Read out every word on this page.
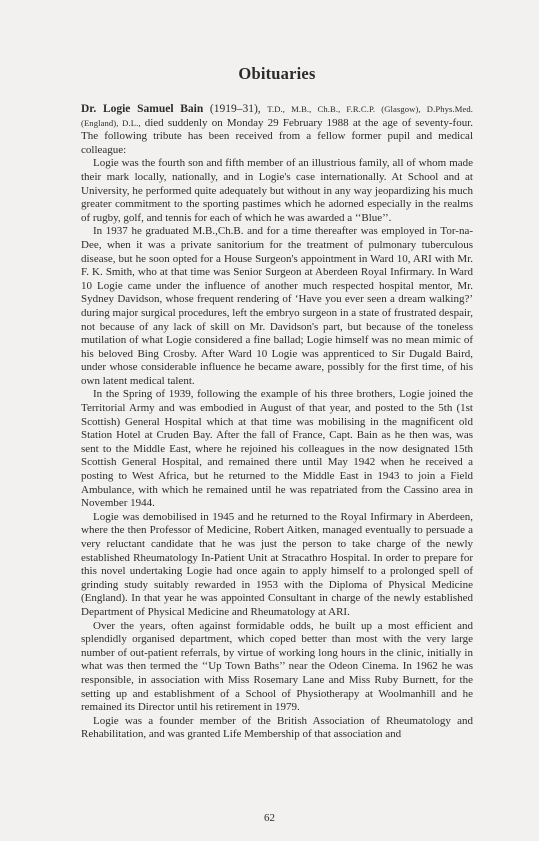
Obituaries

Dr. Logie Samuel Bain (1919–31), T.D., M.B., Ch.B., F.R.C.P. (Glasgow), D.Phys.Med. (England), D.L., died suddenly on Monday 29 February 1988 at the age of seventy-four. The following tribute has been received from a fellow former pupil and medical colleague:

Logie was the fourth son and fifth member of an illustrious family, all of whom made their mark locally, nationally, and in Logie's case internationally. At School and at University, he performed quite adequately but without in any way jeopardizing his much greater commitment to the sporting pastimes which he adorned especially in the realms of rugby, golf, and tennis for each of which he was awarded a ‘‘Blue’’.

In 1937 he graduated M.B.,Ch.B. and for a time thereafter was employed in Tor-na-Dee, when it was a private sanitorium for the treatment of pulmonary tuberculous disease, but he soon opted for a House Surgeon's appointment in Ward 10, ARI with Mr. F. K. Smith, who at that time was Senior Surgeon at Aberdeen Royal Infirmary. In Ward 10 Logie came under the influence of another much respected hospital mentor, Mr. Sydney Davidson, whose frequent rendering of ‘Have you ever seen a dream walking?’ during major surgical procedures, left the embryo surgeon in a state of frustrated despair, not because of any lack of skill on Mr. Davidson's part, but because of the toneless mutilation of what Logie considered a fine ballad; Logie himself was no mean mimic of his beloved Bing Crosby. After Ward 10 Logie was apprenticed to Sir Dugald Baird, under whose considerable influence he became aware, possibly for the first time, of his own latent medical talent.

In the Spring of 1939, following the example of his three brothers, Logie joined the Territorial Army and was embodied in August of that year, and posted to the 5th (1st Scottish) General Hospital which at that time was mobilising in the magnificent old Station Hotel at Cruden Bay. After the fall of France, Capt. Bain as he then was, was sent to the Middle East, where he rejoined his colleagues in the now designated 15th Scottish General Hospital, and remained there until May 1942 when he received a posting to West Africa, but he returned to the Middle East in 1943 to join a Field Ambulance, with which he remained until he was repatriated from the Cassino area in November 1944.

Logie was demobilised in 1945 and he returned to the Royal Infirmary in Aberdeen, where the then Professor of Medicine, Robert Aitken, managed eventually to persuade a very reluctant candidate that he was just the person to take charge of the newly established Rheumatology In-Patient Unit at Stracathro Hospital. In order to prepare for this novel undertaking Logie had once again to apply himself to a prolonged spell of grinding study suitably rewarded in 1953 with the Diploma of Physical Medicine (England). In that year he was appointed Consultant in charge of the newly established Department of Physical Medicine and Rheumatology at ARI.

Over the years, often against formidable odds, he built up a most efficient and splendidly organised department, which coped better than most with the very large number of out-patient referrals, by virtue of working long hours in the clinic, initially in what was then termed the ‘‘Up Town Baths’’ near the Odeon Cinema. In 1962 he was responsible, in association with Miss Rosemary Lane and Miss Ruby Burnett, for the setting up and establishment of a School of Physiotherapy at Woolmanhill and he remained its Director until his retirement in 1979.

Logie was a founder member of the British Association of Rheumatology and Rehabilitation, and was granted Life Membership of that association and

62
